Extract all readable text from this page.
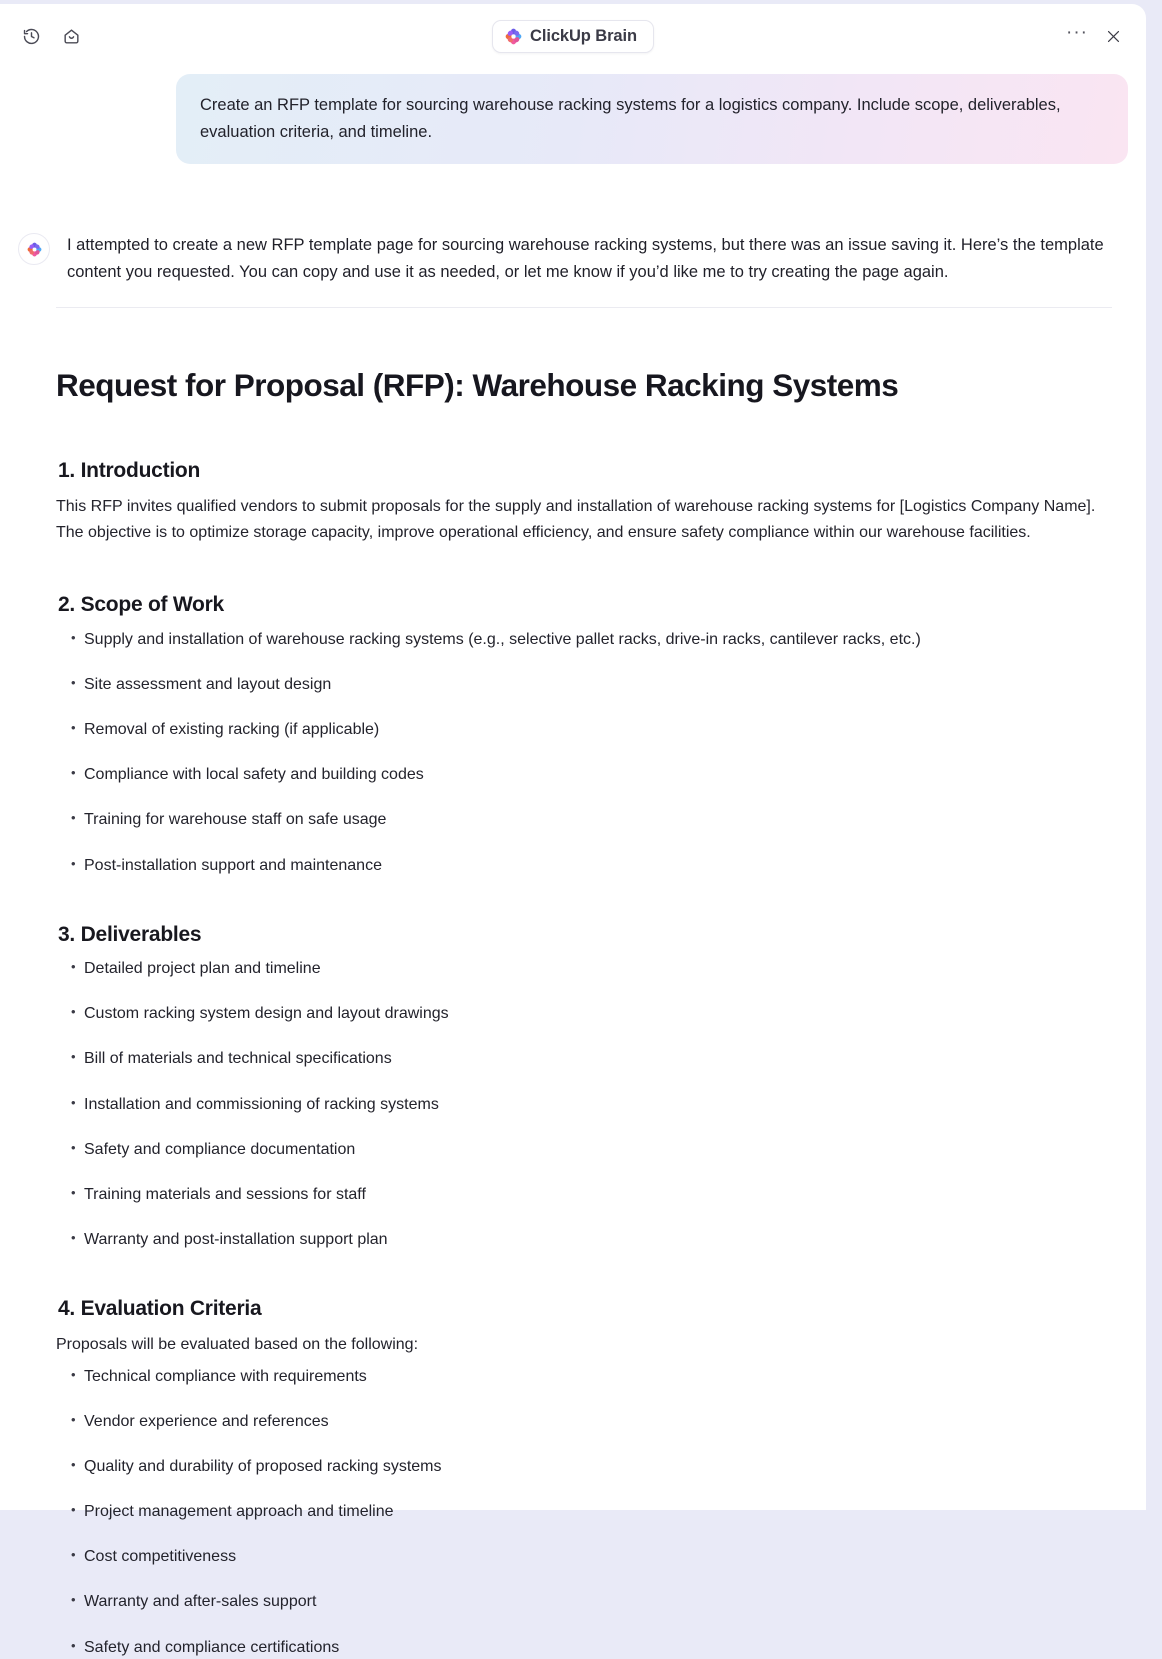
ClickUp Brain	···
Create an RFP template for sourcing warehouse racking systems for a logistics company. Include scope, deliverables, evaluation criteria, and timeline.
I attempted to create a new RFP template page for sourcing warehouse racking systems, but there was an issue saving it. Here’s the template content you requested. You can copy and use it as needed, or let me know if you’d like me to try creating the page again.
Request for Proposal (RFP): Warehouse Racking Systems
1. Introduction

This RFP invites qualified vendors to submit proposals for the supply and installation of warehouse racking systems for [Logistics Company Name]. The objective is to optimize storage capacity, improve operational efficiency, and ensure safety compliance within our warehouse facilities.

2. Scope of Work
• Supply and installation of warehouse racking systems (e.g., selective pallet racks, drive-in racks, cantilever racks, etc.)
• Site assessment and layout design
• Removal of existing racking (if applicable)
• Compliance with local safety and building codes
• Training for warehouse staff on safe usage
• Post-installation support and maintenance
3. Deliverables
• Detailed project plan and timeline
• Custom racking system design and layout drawings
• Bill of materials and technical specifications
• Installation and commissioning of racking systems
• Safety and compliance documentation
• Training materials and sessions for staff
• Warranty and post-installation support plan
4. Evaluation Criteria

Proposals will be evaluated based on the following:

• Technical compliance with requirements
• Vendor experience and references
• Quality and durability of proposed racking systems
• Project management approach and timeline
• Cost competitiveness
• Warranty and after-sales support
• Safety and compliance certifications
